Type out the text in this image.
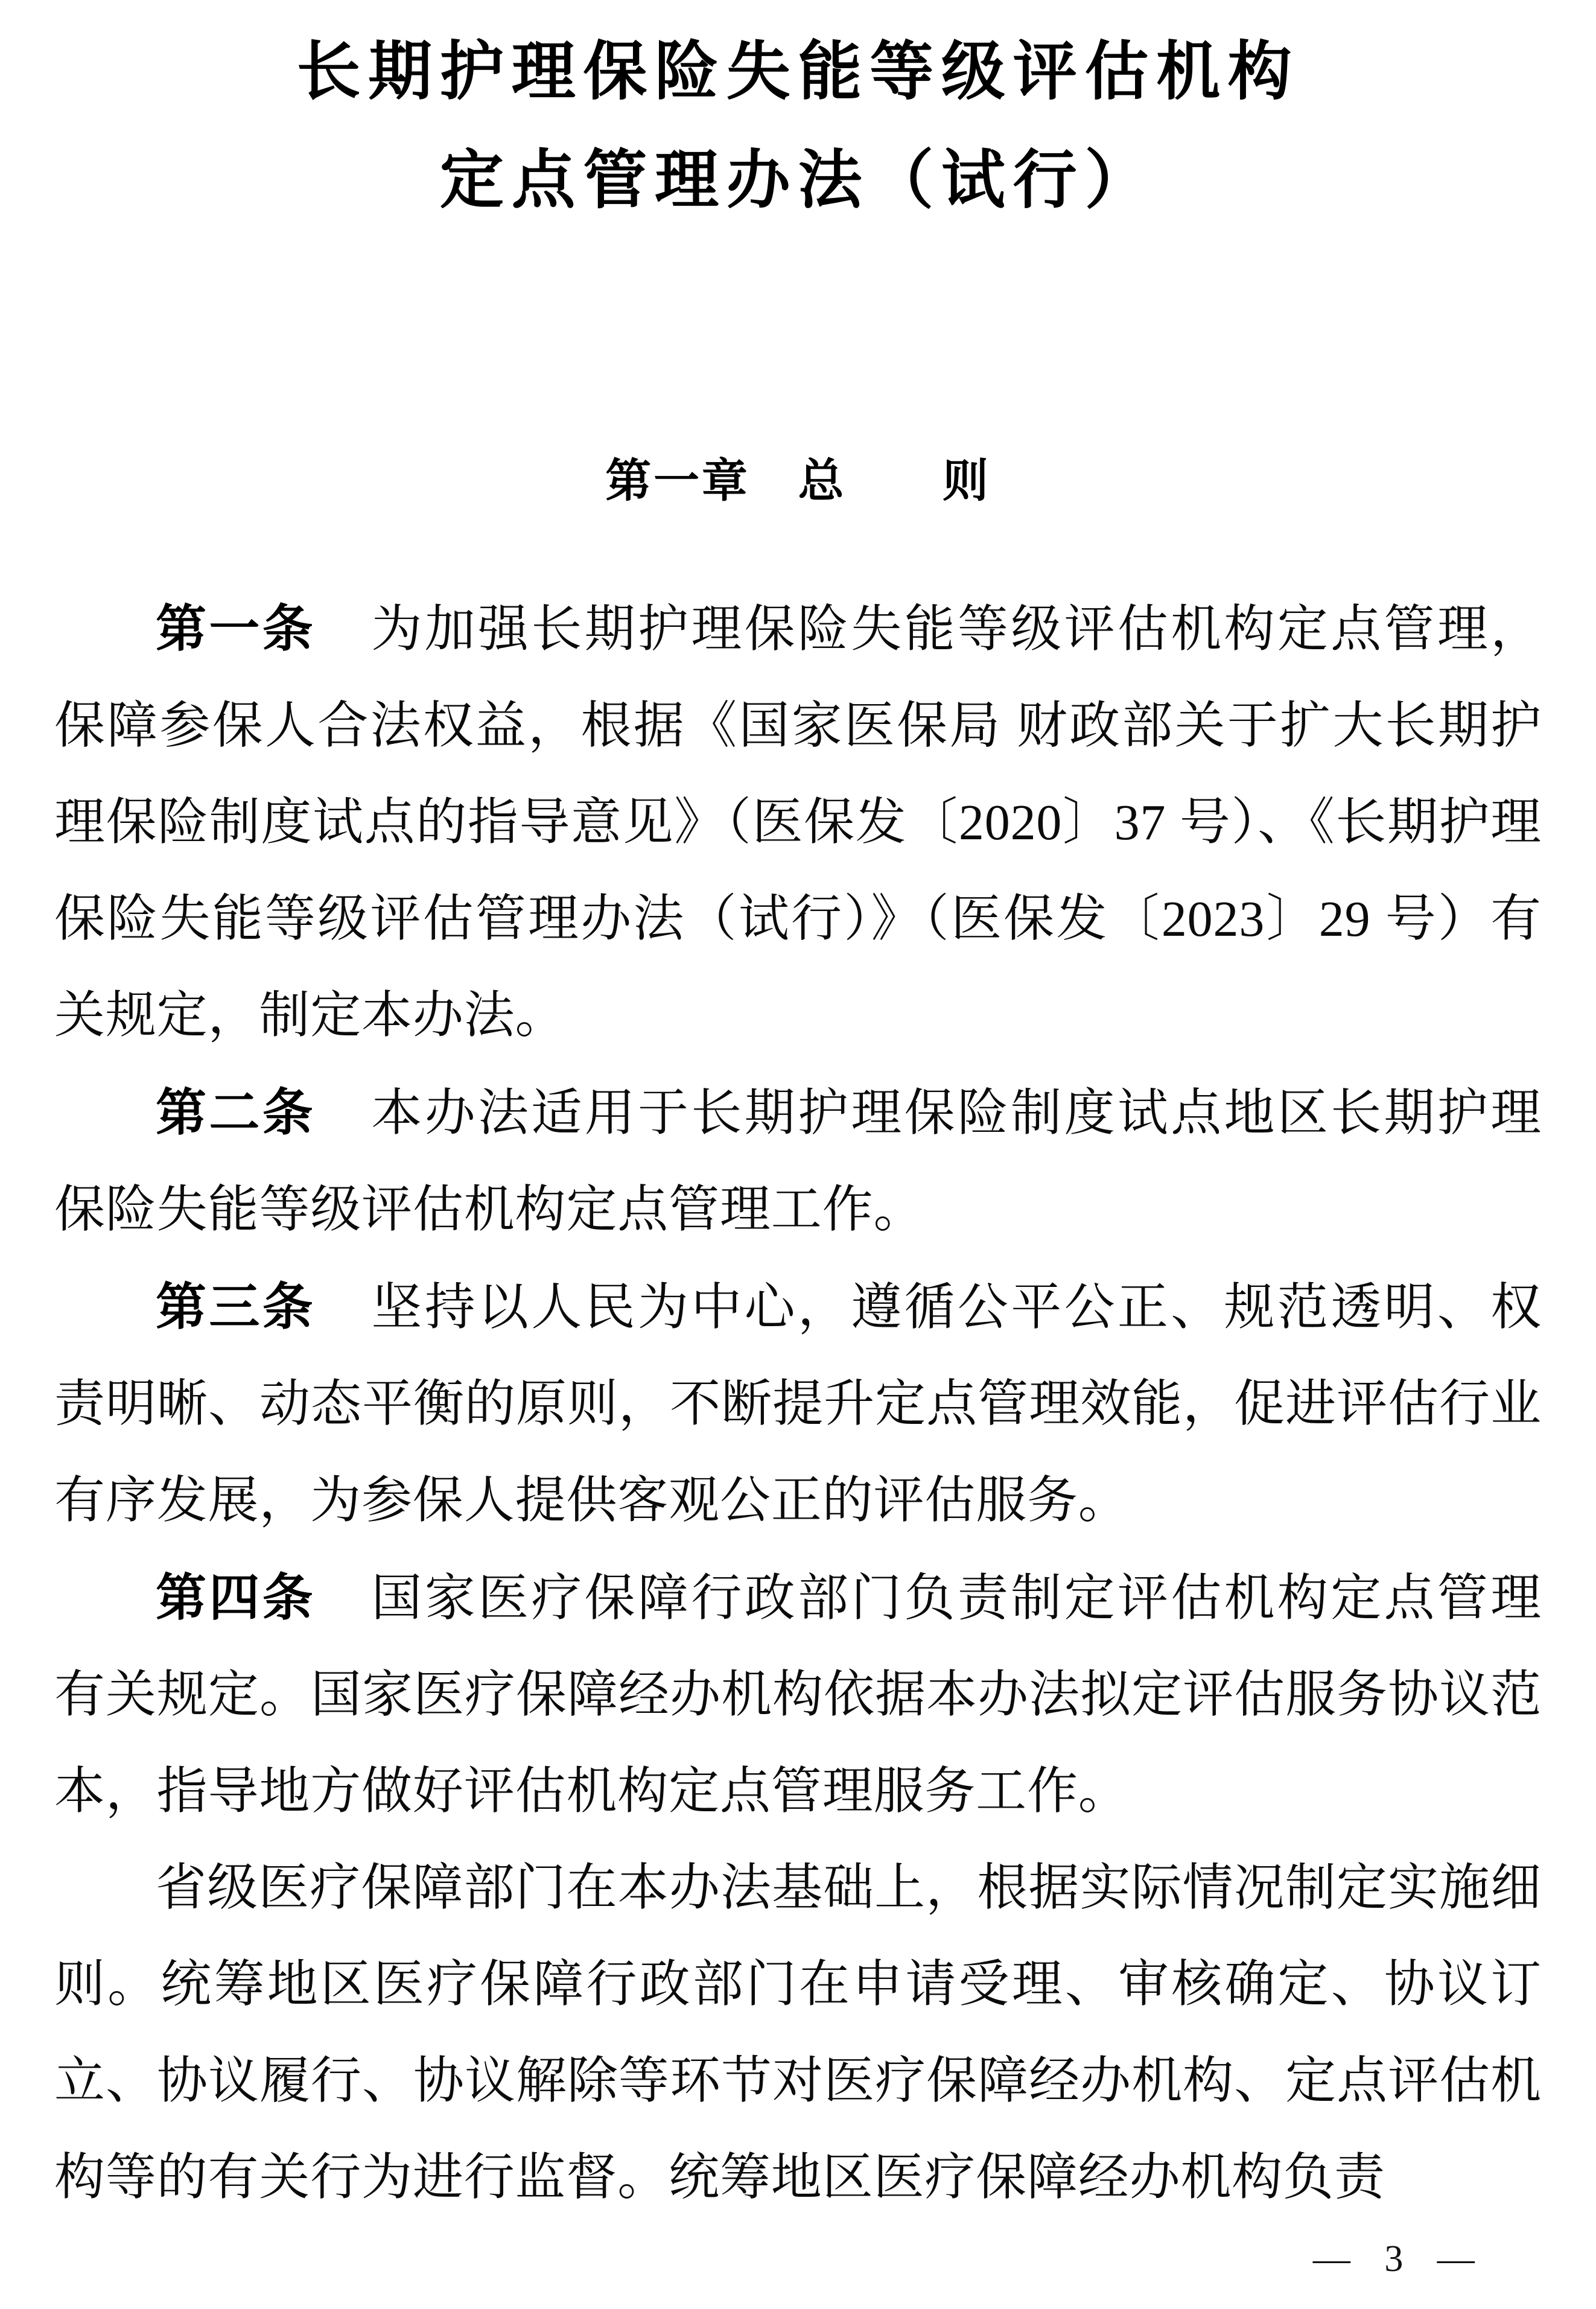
长期护理保险失能等级评估机构
定点管理办法（试行）
第一章　总　　则

第一条 为加强长期护理保险失能等级评估机构定点管理，保障参保人合法权益，根据《国家医保局 财政部关于扩大长期护理保险制度试点的指导意见》（医保发〔2020〕37 号）、《长期护理保险失能等级评估管理办法（试行）》（医保发〔2023〕29 号）有关规定，制定本办法。

第二条 本办法适用于长期护理保险制度试点地区长期护理保险失能等级评估机构定点管理工作。

第三条 坚持以人民为中心，遵循公平公正、规范透明、权责明晰、动态平衡的原则，不断提升定点管理效能，促进评估行业有序发展，为参保人提供客观公正的评估服务。

第四条 国家医疗保障行政部门负责制定评估机构定点管理有关规定。国家医疗保障经办机构依据本办法拟定评估服务协议范本，指导地方做好评估机构定点管理服务工作。

省级医疗保障部门在本办法基础上，根据实际情况制定实施细则。统筹地区医疗保障行政部门在申请受理、审核确定、协议订立、协议履行、协议解除等环节对医疗保障经办机构、定点评估机构等的有关行为进行监督。统筹地区医疗保障经办机构负责

— 3 —
